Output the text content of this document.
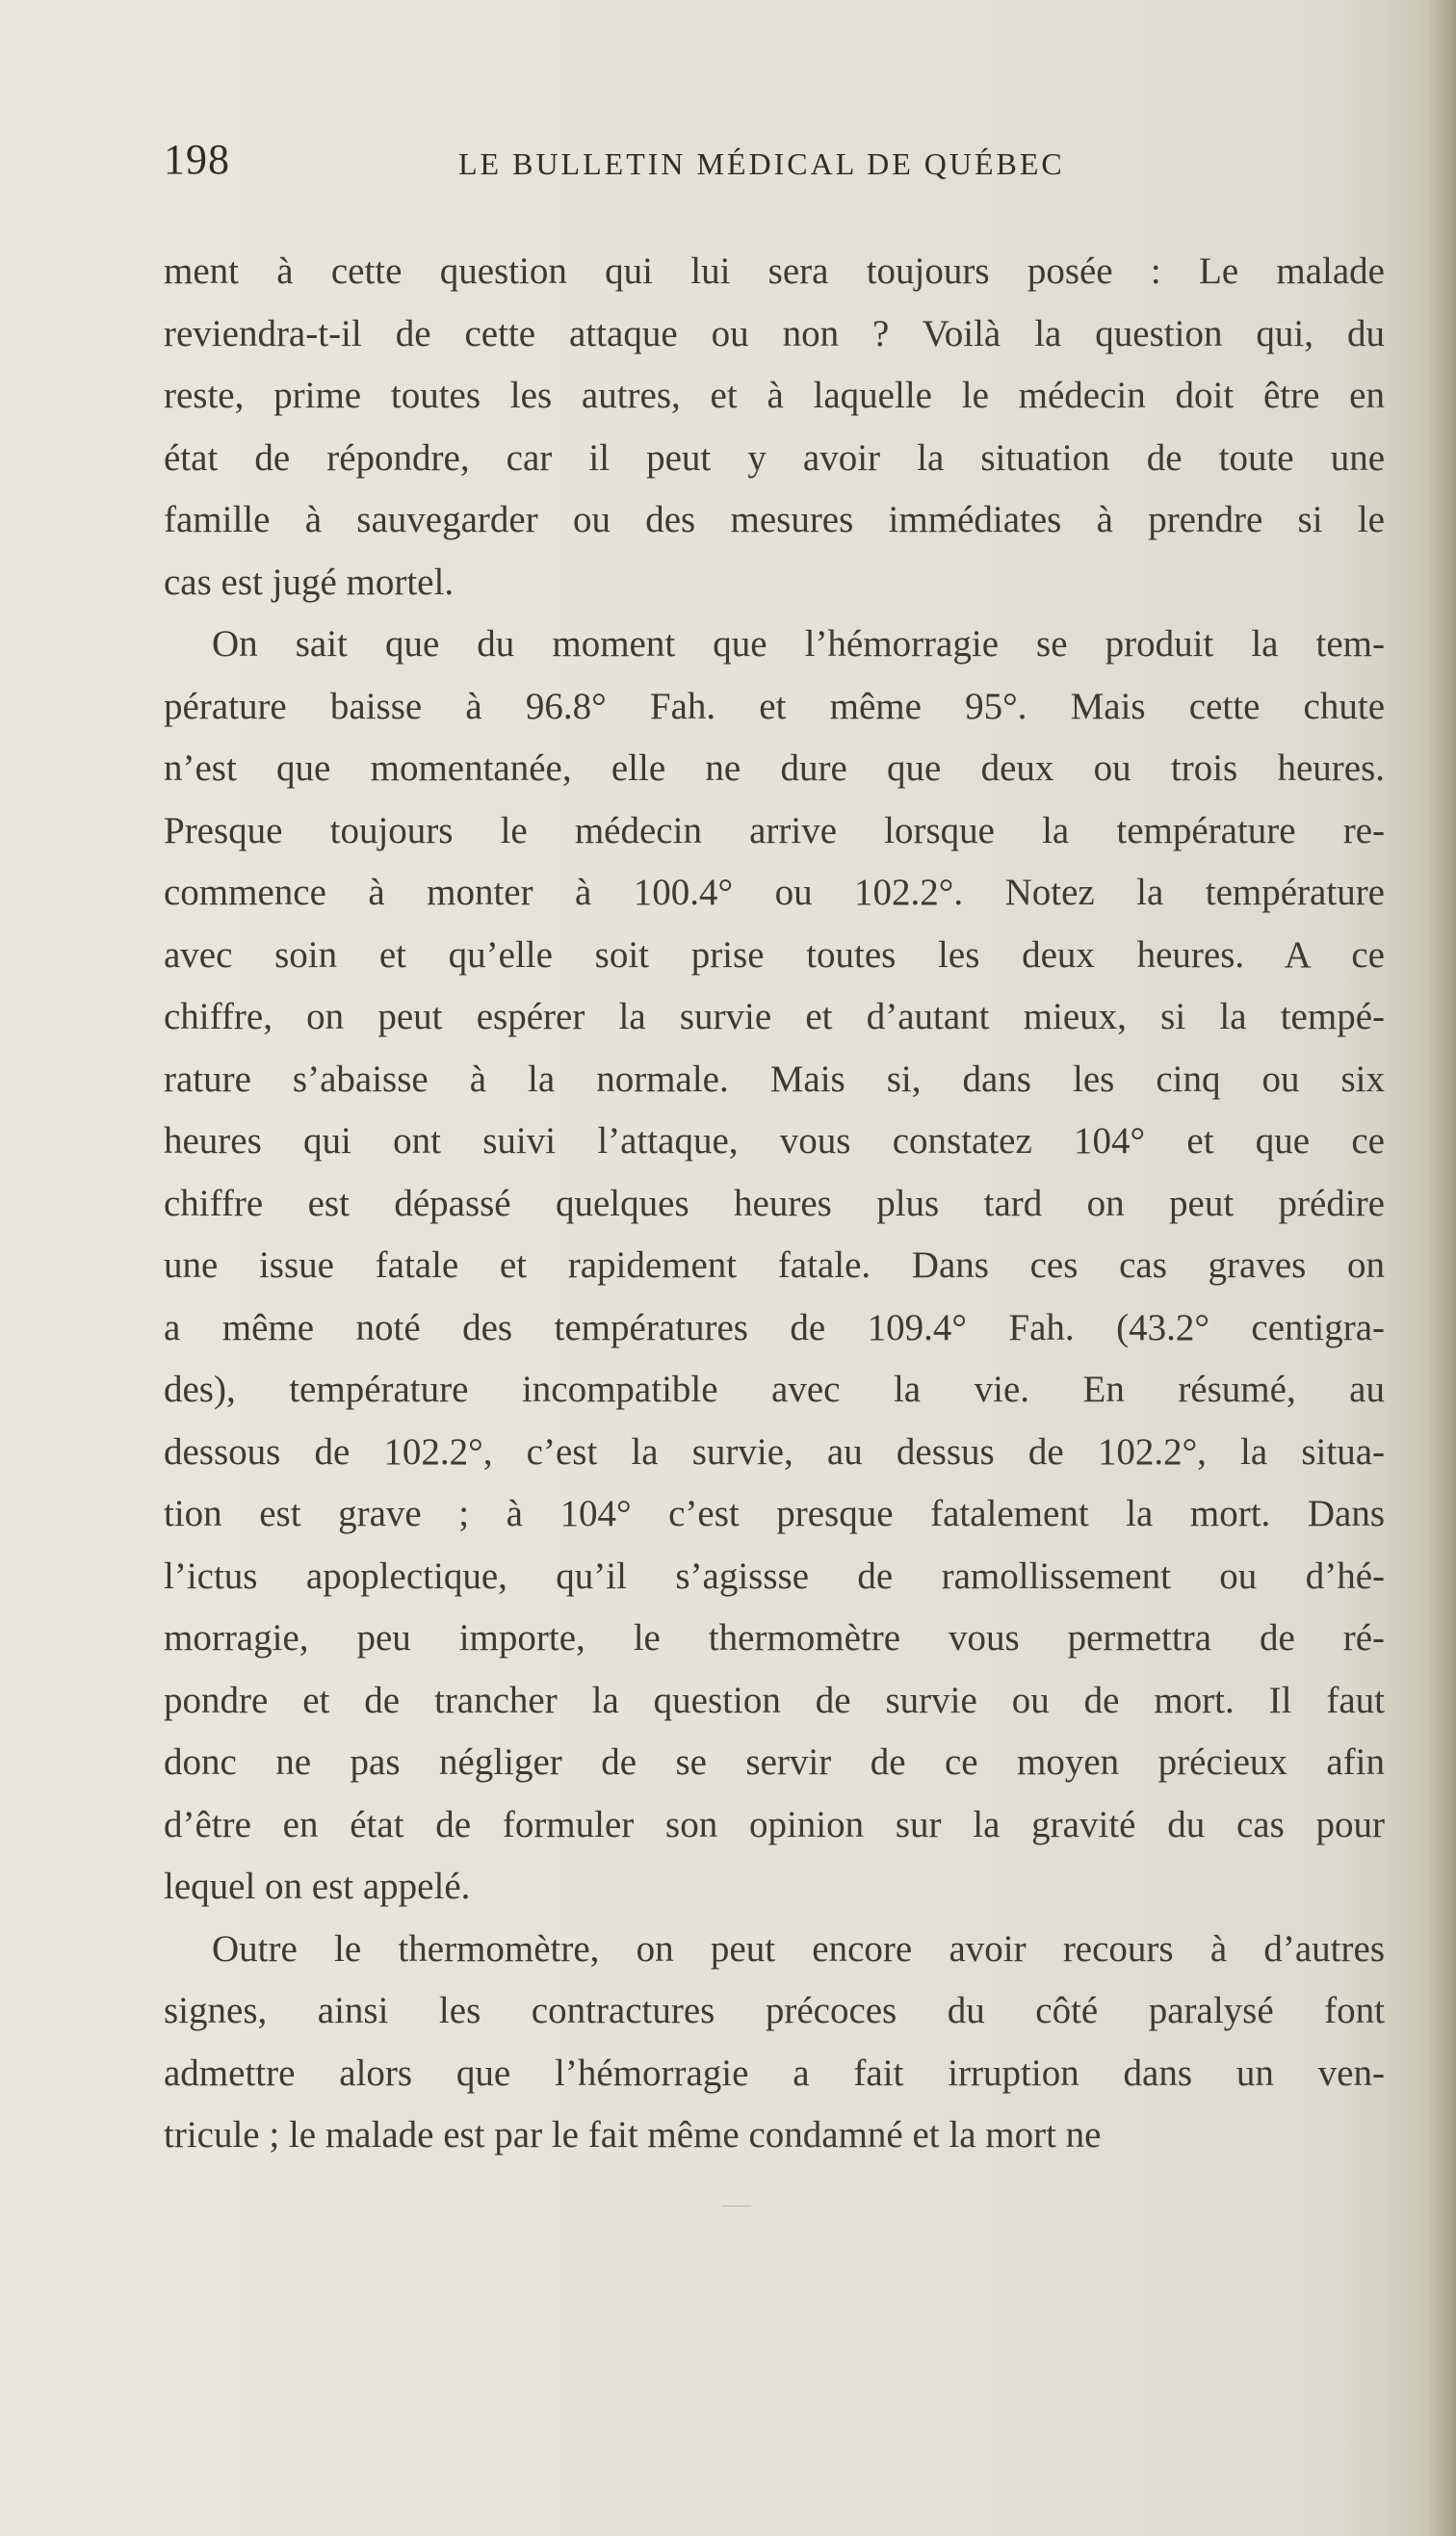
198	LE BULLETIN MÉDICAL DE QUÉBEC
ment à cette question qui lui sera toujours posée : Le malade
reviendra-t-il de cette attaque ou non ? Voilà la question qui, du
reste, prime toutes les autres, et à laquelle le médecin doit être en
état de répondre, car il peut y avoir la situation de toute une
famille à sauvegarder ou des mesures immédiates à prendre si le
cas est jugé mortel.
On sait que du moment que l’hémorragie se produit la tem-
pérature baisse à 96.8° Fah. et même 95°. Mais cette chute
n’est que momentanée, elle ne dure que deux ou trois heures.
Presque toujours le médecin arrive lorsque la température re-
commence à monter à 100.4° ou 102.2°. Notez la température
avec soin et qu’elle soit prise toutes les deux heures. A ce
chiffre, on peut espérer la survie et d’autant mieux, si la tempé-
rature s’abaisse à la normale. Mais si, dans les cinq ou six
heures qui ont suivi l’attaque, vous constatez 104° et que ce
chiffre est dépassé quelques heures plus tard on peut prédire
une issue fatale et rapidement fatale. Dans ces cas graves on
a même noté des températures de 109.4° Fah. (43.2° centigra-
des), température incompatible avec la vie. En résumé, au
dessous de 102.2°, c’est la survie, au dessus de 102.2°, la situa-
tion est grave ; à 104° c’est presque fatalement la mort. Dans
l’ictus apoplectique, qu’il s’agissse de ramollissement ou d’hé-
morragie, peu importe, le thermomètre vous permettra de ré-
pondre et de trancher la question de survie ou de mort. Il faut
donc ne pas négliger de se servir de ce moyen précieux afin
d’être en état de formuler son opinion sur la gravité du cas pour
lequel on est appelé.
Outre le thermomètre, on peut encore avoir recours à d’autres
signes, ainsi les contractures précoces du côté paralysé font
admettre alors que l’hémorragie a fait irruption dans un ven-
tricule ; le malade est par le fait même condamné et la mort ne
